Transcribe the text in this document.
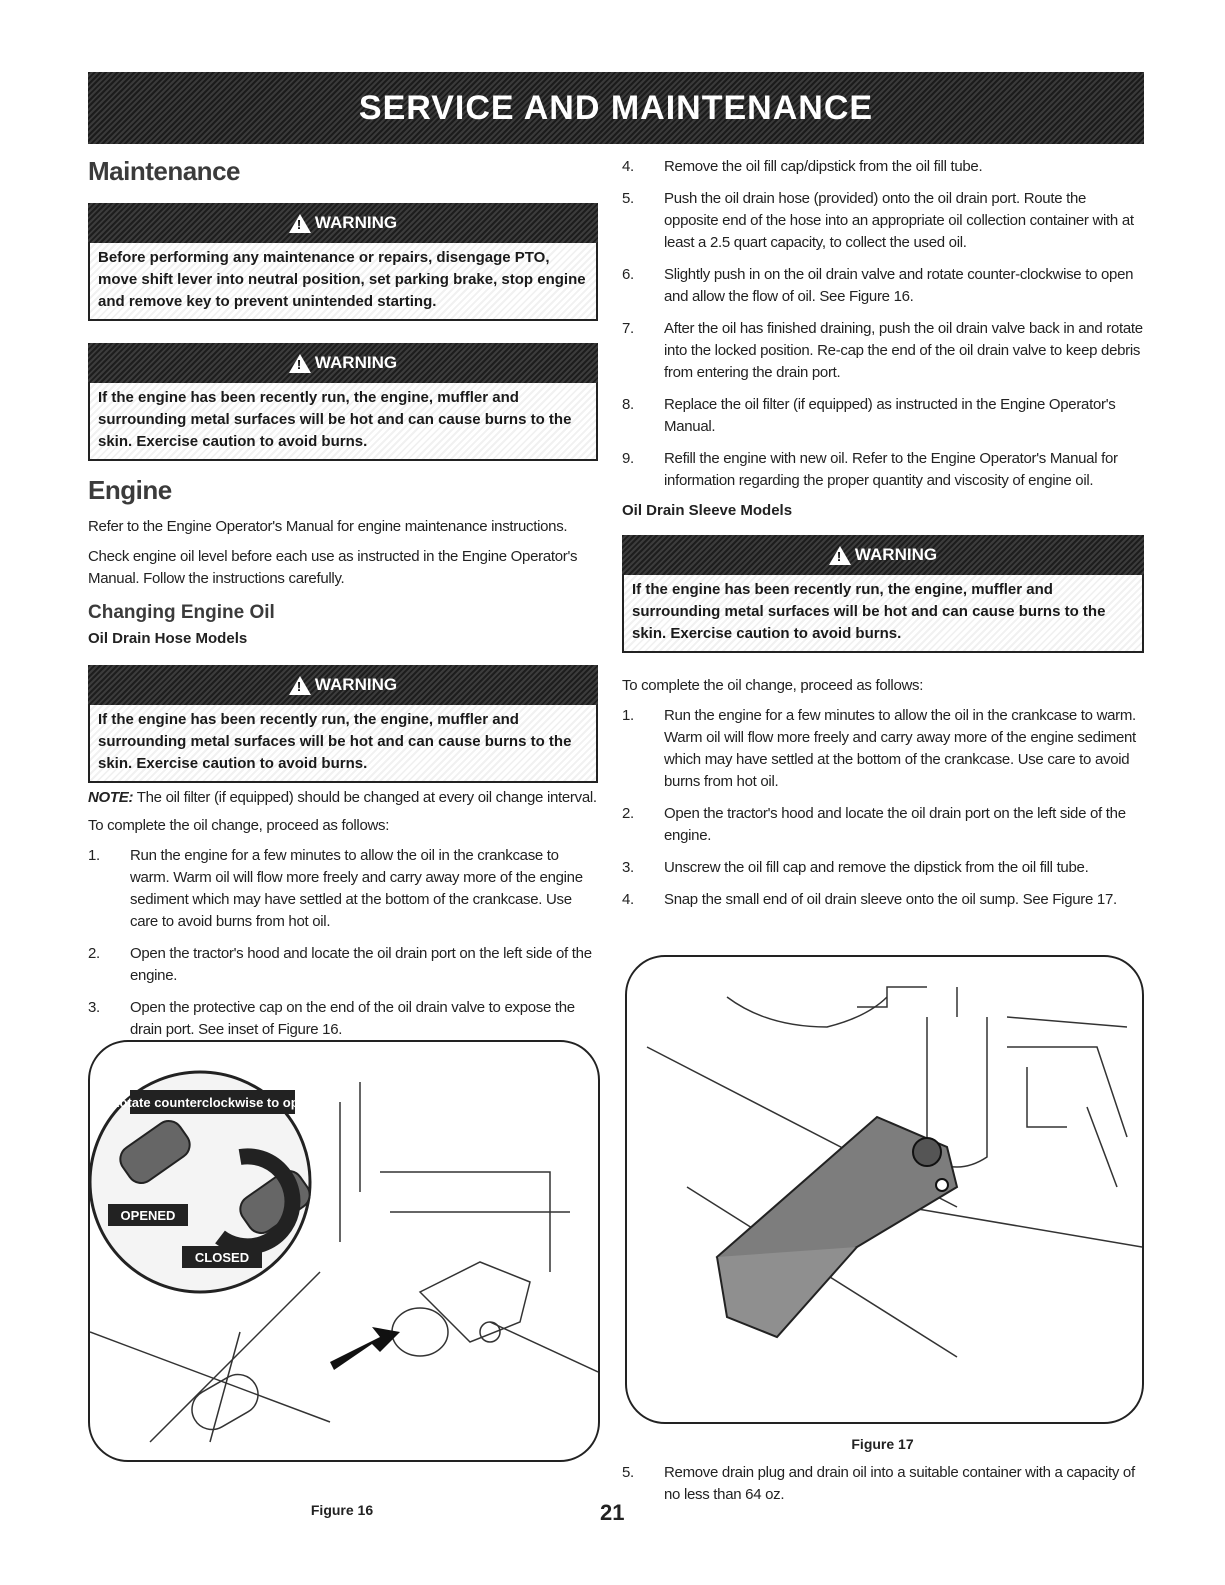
SERVICE AND MAINTENANCE
Maintenance
!
WARNING
Before performing any maintenance or repairs, disengage PTO, move shift lever into neutral position, set parking brake, stop engine and remove key to prevent unintended starting.
!
WARNING
If the engine has been recently run, the engine, muffler and surrounding metal surfaces will be hot and can cause burns to the skin. Exercise caution to avoid burns.
Engine

Refer to the Engine Operator's Manual for engine maintenance instructions.

Check engine oil level before each use as instructed in the Engine Operator's Manual. Follow the instructions carefully.

Changing Engine Oil
Oil Drain Hose Models
!
WARNING
If the engine has been recently run, the engine, muffler and surrounding metal surfaces will be hot and can cause burns to the skin. Exercise caution to avoid burns.

NOTE: The oil filter (if equipped) should be changed at every oil change interval.

To complete the oil change, proceed as follows:

1.	Run the engine for a few minutes to allow the oil in the crankcase to warm. Warm oil will flow more freely and carry away more of the engine sediment which may have settled at the bottom of the crankcase. Use care to avoid burns from hot oil.
2.	Open the tractor's hood and locate the oil drain port on the left side of the engine.
3.	Open the protective cap on the end of the oil drain valve to expose the drain port. See inset of Figure 16.
Rotate counterclockwise to open
OPENED
CLOSED
Figure 16
4.	Remove the oil fill cap/dipstick from the oil fill tube.
5.	Push the oil drain hose (provided) onto the oil drain port. Route the opposite end of the hose into an appropriate oil collection container with at least a 2.5 quart capacity, to collect the used oil.
6.	Slightly push in on the oil drain valve and rotate counter-clockwise to open and allow the flow of oil. See Figure 16.
7.	After the oil has finished draining, push the oil drain valve back in and rotate into the locked position. Re-cap the end of the oil drain valve to keep debris from entering the drain port.
8.	Replace the oil filter (if equipped) as instructed in the Engine Operator's Manual.
9.	Refill the engine with new oil. Refer to the Engine Operator's Manual for information regarding the proper quantity and viscosity of engine oil.
Oil Drain Sleeve Models
!
WARNING
If the engine has been recently run, the engine, muffler and surrounding metal surfaces will be hot and can cause burns to the skin. Exercise caution to avoid burns.

To complete the oil change, proceed as follows:

1.	Run the engine for a few minutes to allow the oil in the crankcase to warm. Warm oil will flow more freely and carry away more of the engine sediment which may have settled at the bottom of the crankcase. Use care to avoid burns from hot oil.
2.	Open the tractor's hood and locate the oil drain port on the left side of the engine.
3.	Unscrew the oil fill cap and remove the dipstick from the oil fill tube.
4.	Snap the small end of oil drain sleeve onto the oil sump. See Figure 17.
Figure 17
5.	Remove drain plug and drain oil into a suitable container with a capacity of no less than 64 oz.
21
